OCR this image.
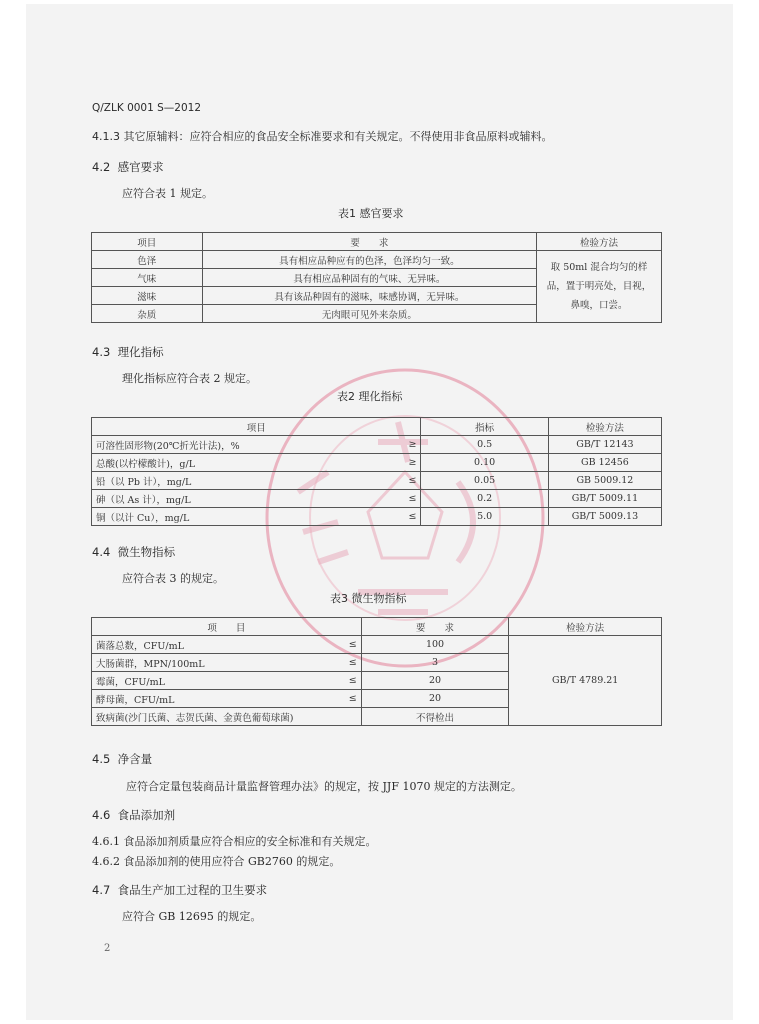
Q/ZLK 0001 S—2012
4.1.3 其它原辅料：应符合相应的食品安全标准要求和有关规定。不得使用非食品原料或辅料。
4.2 感官要求
应符合表 1 规定。
表1 感官要求
项目	要　　求	检验方法
色泽	具有相应品种应有的色泽，色泽均匀一致。	取 50ml 混合均匀的样
品，置于明亮处，目视，
鼻嗅，口尝。

气味	具有相应品种固有的气味、无异味。	
滋味	具有该品种固有的滋味，味感协调，无异味。	
杂质	无肉眼可见外来杂质。	
4.3 理化指标
理化指标应符合表 2 规定。
表2 理化指标
项目		指标	检验方法
可溶性固形物(20℃折光计法)，%	≥	0.5	GB/T 12143
总酸(以柠檬酸计)，g/L	≥	0.10	GB 12456
铅（以 Pb 计），mg/L	≤	0.05	GB 5009.12
砷（以 As 计），mg/L	≤	0.2	GB/T 5009.11
铜（以计 Cu），mg/L	≤	5.0	GB/T 5009.13
4.4 微生物指标
应符合表 3 的规定。
表3 微生物指标
项　　目		要　　求	检验方法
菌落总数，CFU/mL	≤	100	GB/T 4789.21
大肠菌群，MPN/100mL	≤	3	
霉菌，CFU/mL	≤	20	
酵母菌，CFU/mL	≤	20	
致病菌(沙门氏菌、志贺氏菌、金黄色葡萄球菌)		不得检出	
4.5 净含量
应符合定量包装商品计量监督管理办法》的规定，按 JJF 1070 规定的方法测定。
4.6 食品添加剂
4.6.1 食品添加剂质量应符合相应的安全标准和有关规定。
4.6.2 食品添加剂的使用应符合 GB2760 的规定。
4.7 食品生产加工过程的卫生要求
应符合 GB 12695 的规定。
2
